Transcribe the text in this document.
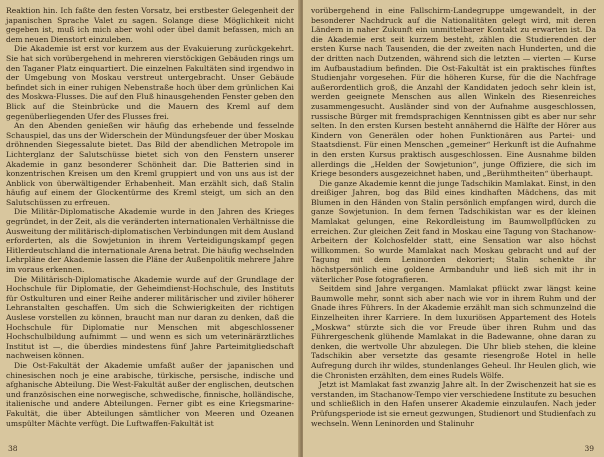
Reaktion hin. Ich faßte den festen Vorsatz, bei erstbester Gelegenheit der japanischen Sprache Valet zu sagen. Solange diese Möglichkeit nicht gegeben ist, muß ich mich aber wohl oder übel damit befassen, mich an dem neuen Dienstort einzuleben.

Die Akademie ist erst vor kurzem aus der Evakuierung zurückgekehrt. Sie hat sich vorübergehend in mehreren vierstöckigen Gebäuden rings um den Taganer Platz einquartiert. Die einzelnen Fakultäten sind irgendwo in der Umgebung von Moskau verstreut untergebracht. Unser Gebäude befindet sich in einer ruhigen Nebenstraße hoch über dem grünlichen Kai des Moskwa-Flusses. Die auf den Fluß hinausgehenden Fenster geben den Blick auf die Steinbrücke und die Mauern des Kreml auf dem gegenüberliegenden Ufer des Flusses frei.

An den Abenden genießen wir häufig das erhebende und fesselnde Schauspiel, das uns der Widerschein der Mündungsfeuer der über Moskau dröhnenden Siegessalute bietet. Das Bild der abendlichen Metropole im Lichterglanz der Salutschüsse bietet sich von den Fenstern unserer Akademie in ganz besonderer Schönheit dar. Die Batterien sind in konzentrischen Kreisen um den Kreml gruppiert und von uns aus ist der Anblick von überwältigender Erhabenheit. Man erzählt sich, daß Stalin häufig auf einem der Glockentürme des Kreml steigt, um sich an den Salutschüssen zu erfreuen.

Die Militär-Diplomatische Akademie wurde in den Jahren des Krieges gegründet, in der Zeit, als die veränderten internationalen Verhältnisse die Ausweitung der militärisch-diplomatischen Verbindungen mit dem Ausland erforderten, als die Sowjetunion in ihrem Verteidigungskampf gegen Hitlerdeutschland die internationale Arena betrat. Die häufig wechselnden Lehrpläne der Akademie lassen die Pläne der Außenpolitik mehrere Jahre im voraus erkennen.

Die Militärisch-Diplomatische Akademie wurde auf der Grundlage der Hochschule für Diplomatie, der Geheimdienst-Hochschule, des Instituts für Ostkulturen und einer Reihe anderer militärischer und ziviler höherer Lehranstalten geschaffen. Um sich die Schwierigkeiten der richtigen Auslese vorstellen zu können, braucht man nur daran zu denken, daß die Hochschule für Diplomatie nur Menschen mit abgeschlossener Hochschulbildung aufnimmt — und wenn es sich um veterinärärztliches Institut ist —, die überdies mindestens fünf Jahre Parteimitgliedschaft nachweisen können.

Die Ost-Fakultät der Akademie umfaßt außer der japanischen und chinesischen noch je eine arabische, türkische, persische, indische und afghanische Abteilung. Die West-Fakultät außer der englischen, deutschen und französischen eine norwegische, schwedische, finnische, holländische, italienische und andere Abteilungen. Ferner gibt es eine Kriegsmarine-Fakultät, die über Abteilungen sämtlicher von Meeren und Ozeanen umspülter Mächte verfügt. Die Luftwaffen-Fakultät ist

38

vorübergehend in eine Fallschirm-Landegruppe umgewandelt, in der besonderer Nachdruck auf die Nationalitäten gelegt wird, mit deren Ländern in naher Zukunft ein unmittelbarer Kontakt zu erwarten ist. Da die Akademie erst seit kurzem besteht, zählen die Studierenden der ersten Kurse nach Tausenden, die der zweiten nach Hunderten, und die der dritten nach Dutzenden, während sich die letzten — vierten — Kurse im Aufbaustadium befinden. Die Ost-Fakultät ist ein praktisches fünftes Studienjahr vorgesehen. Für die höheren Kurse, für die die Nachfrage außerordentlich groß, die Anzahl der Kandidaten jedoch sehr klein ist, werden geeignete Menschen aus allen Winkeln des Riesenreiches zusammengesucht. Ausländer sind von der Aufnahme ausgeschlossen, russische Bürger mit fremdsprachigen Kenntnissen gibt es aber nur sehr selten. In den ersten Kursen besteht annähernd die Hälfte der Hörer aus Kindern von Generälen oder hohen Funktionären aus Partei- und Staatsdienst. Für einen Menschen „gemeiner“ Herkunft ist die Aufnahme in den ersten Kursus praktisch ausgeschlossen. Eine Ausnahme bilden allerdings die „Helden der Sowjetunion“, junge Offiziere, die sich im Kriege besonders ausgezeichnet haben, und „Berühmtheiten“ überhaupt.

Die ganze Akademie kennt die junge Tadschikin Mamlakat. Einst, in den dreißiger Jahren, bog das Bild eines kindhaften Mädchens, das mit Blumen in den Händen von Stalin persönlich empfangen wird, durch die ganze Sowjetunion. In dem fernen Tadschikistan war es der kleinen Mamlakat gelungen, eine Rekordleistung im Baumwollpflücken zu erreichen. Zur gleichen Zeit fand in Moskau eine Tagung von Stachanow-Arbeitern der Kolchosfelder statt, eine Sensation war also höchst willkommen. So wurde Mamlakat nach Moskau gebracht und auf der Tagung mit dem Leninorden dekoriert; Stalin schenkte ihr höchstpersönlich eine goldene Armbanduhr und ließ sich mit ihr in väterlicher Pose fotografieren.

Seitdem sind Jahre vergangen. Mamlakat pflückt zwar längst keine Baumwolle mehr, sonnt sich aber nach wie vor in ihrem Ruhm und der Gnade ihres Führers. In der Akademie erzählt man sich schmunzelnd die Einzelheiten ihrer Karriere. In dem luxuriösen Appartement des Hotels „Moskwa“ stürzte sich die vor Freude über ihren Ruhm und das Führergeschenk glühende Mamlakat in die Badewanne, ohne daran zu denken, die wertvolle Uhr abzulegen. Die Uhr blieb stehen, die kleine Tadschikin aber versetzte das gesamte riesengroße Hotel in helle Aufregung durch ihr wildes, stundenlanges Geheul. Ihr Heulen glich, wie die Chronisten erzählten, dem eines Rudels Wölfe.

Jetzt ist Mamlakat fast zwanzig Jahre alt. In der Zwischenzeit hat sie es verstanden, im Stachanow-Tempo vier verschiedene Institute zu besuchen und schließlich in den Hafen unserer Akademie einzulaufen. Nach jeder Prüfungsperiode ist sie erneut gezwungen, Studienort und Studienfach zu wechseln. Wenn Leninorden und Stalinuhr

39
